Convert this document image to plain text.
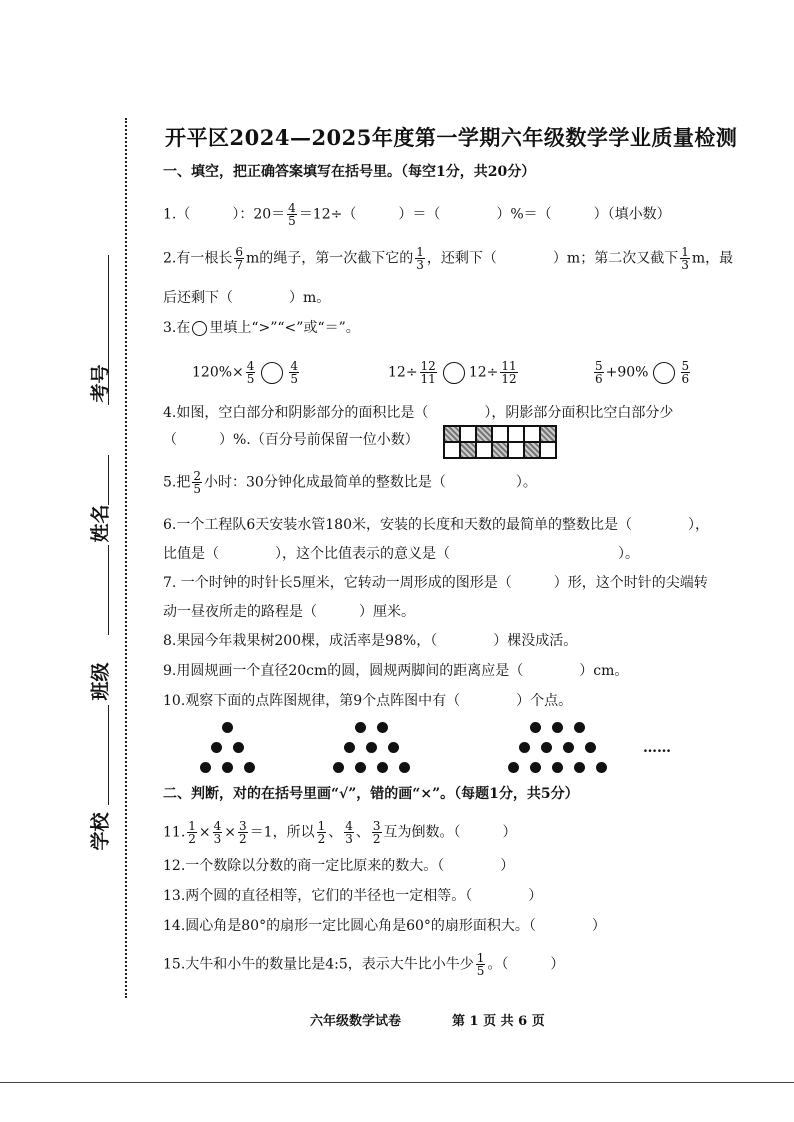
考号
姓名
班级
学校
开平区2024—2025年度第一学期六年级数学学业质量检测
一、填空，把正确答案填写在括号里。（每空1分，共20分）
1.（　　　）：$20= \frac{4}{5} =12\div$（　　　）＝（　　　　）%＝（　　　）（填小数）
2.有一根长 $\frac{6}{7}$ m的绳子，第一次截下它的 $\frac{1}{3}$ ，还剩下（　　　　）m；第二次又截下 $\frac{1}{3}$ m，最
后还剩下（　　　　）m。
3.在 里填上“>”“<”或“＝”。
$120\%\times \frac{4}{5}$	$\frac{4}{5}$	$12\div \frac{12}{11} 12\div \frac{11}{12}$	$\frac{5}{6} +90\%$	$\frac{5}{6}$
4.如图，空白部分和阴影部分的面积比是（　　　　），阴影部分面积比空白部分少
（　　　）%.（百分号前保留一位小数）
5.把 $\frac{2}{5}$ 小时：30分钟化成最简单的整数比是（　　　　　）。
6.一个工程队6天安装水管180米，安装的长度和天数的最简单的整数比是（　　　　），
比值是（　　　　），这个比值表示的意义是（　　　　　　　　　　　　）。
7. 一个时钟的时针长5厘米，它转动一周形成的图形是（　　　）形，这个时针的尖端转
动一昼夜所走的路程是（　　　）厘米。
8.果园今年栽果树200棵，成活率是98%，（　　　　）棵没成活。
9.用圆规画一个直径20cm的圆，圆规两脚间的距离应是（　　　　）cm。
10.观察下面的点阵图规律，第9个点阵图中有（　　　　）个点。
……
二、判断，对的在括号里画“√”，错的画“×”。（每题1分，共5分）
11. $\frac{1}{2} \times \frac{4}{3} \times \frac{3}{2} =1$，所以 $\frac{1}{2}$ 、 $\frac{4}{3}$ 、 $\frac{3}{2}$ 互为倒数。（　　　）
12.一个数除以分数的商一定比原来的数大。（　　　　）
13.两个圆的直径相等，它们的半径也一定相等。（　　　　）
14.圆心角是80°的扇形一定比圆心角是60°的扇形面积大。（　　　　）
15.大牛和小牛的数量比是4:5，表示大牛比小牛少 $\frac{1}{5}$ 。（　　　）
六年级数学试卷	第 1 页 共 6 页
